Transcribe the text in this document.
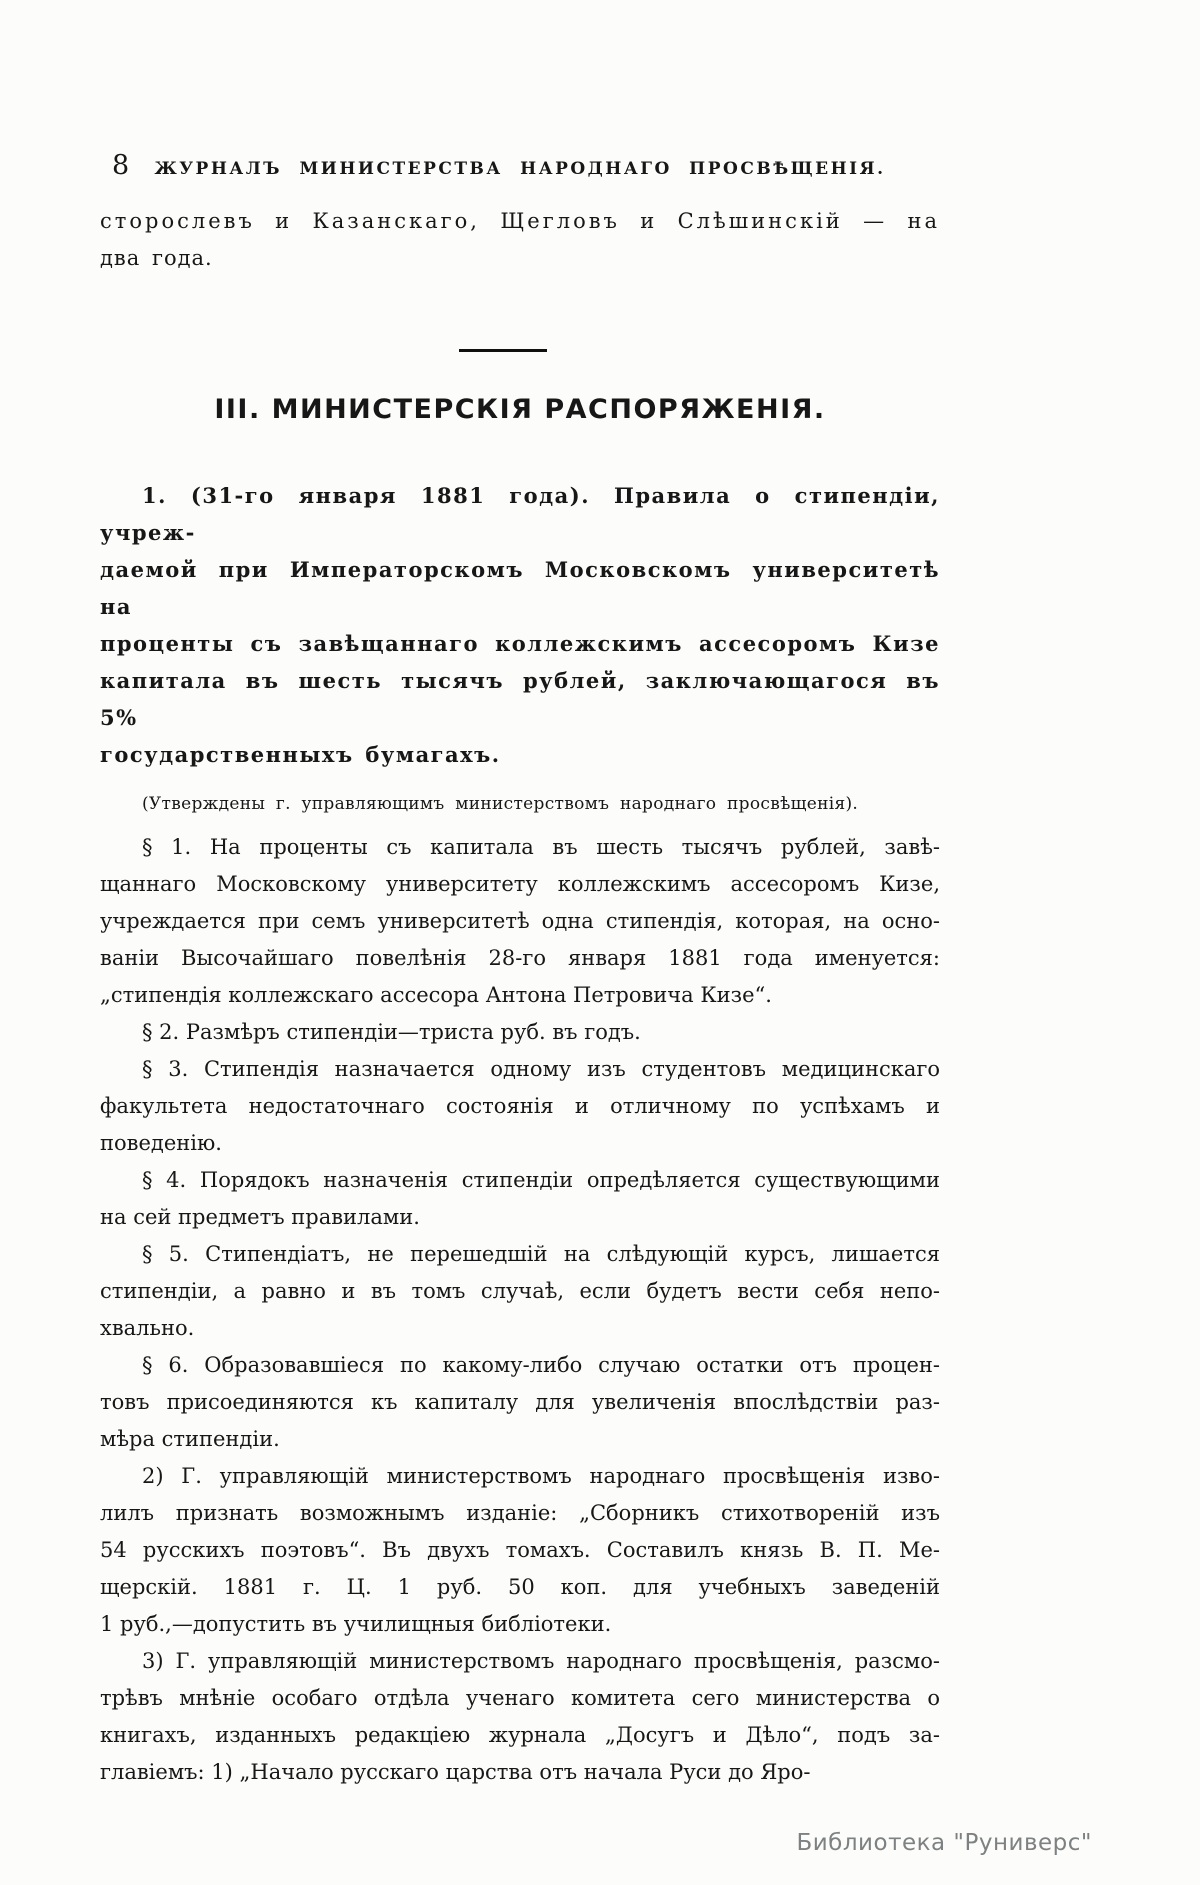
8	ЖУРНАЛЪ МИНИСТЕРСТВА НАРОДНАГО ПРОСВѢЩЕНІЯ.
сторослевъ и Казанскаго, Щегловъ и Слѣшинскій — на
два года.
III. МИНИСТЕРСКІЯ РАСПОРЯЖЕНІЯ.
1. (31-го января 1881 года). Правила о стипендіи, учреж-
даемой при Императорскомъ Московскомъ университетѣ на
проценты съ завѣщаннаго коллежскимъ ассесоромъ Кизе
капитала въ шесть тысячъ рублей, заключающагося въ 5%
государственныхъ бумагахъ.
(Утверждены г. управляющимъ министерствомъ народнаго просвѣщенія).
§ 1. На проценты съ капитала въ шесть тысячъ рублей, завѣ-
щаннаго Московскому университету коллежскимъ ассесоромъ Кизе,
учреждается при семъ университетѣ одна стипендія, которая, на осно-
ваніи Высочайшаго повелѣнія 28-го января 1881 года именуется:
„стипендія коллежскаго ассесора Антона Петровича Кизе“.
§ 2. Размѣръ стипендіи—триста руб. въ годъ.
§ 3. Стипендія назначается одному изъ студентовъ медицинскаго
факультета недостаточнаго состоянія и отличному по успѣхамъ и
поведенію.
§ 4. Порядокъ назначенія стипендіи опредѣляется существующими
на сей предметъ правилами.
§ 5. Стипендіатъ, не перешедшій на слѣдующій курсъ, лишается
стипендіи, а равно и въ томъ случаѣ, если будетъ вести себя непо-
хвально.
§ 6. Образовавшіеся по какому-либо случаю остатки отъ процен-
товъ присоединяются къ капиталу для увеличенія впослѣдствіи раз-
мѣра стипендіи.
2) Г. управляющій министерствомъ народнаго просвѣщенія изво-
лилъ признать возможнымъ изданіе: „Сборникъ стихотвореній изъ
54 русскихъ поэтовъ“. Въ двухъ томахъ. Составилъ князь В. П. Ме-
щерскій. 1881 г. Ц. 1 руб. 50 коп. для учебныхъ заведеній
1 руб.,—допустить въ училищныя библіотеки.
3) Г. управляющій министерствомъ народнаго просвѣщенія, разсмо-
трѣвъ мнѣніе особаго отдѣла ученаго комитета сего министерства о
книгахъ, изданныхъ редакціею журнала „Досугъ и Дѣло“, подъ за-
главіемъ: 1) „Начало русскаго царства отъ начала Руси до Яро-
Библиотека "Руниверс"
